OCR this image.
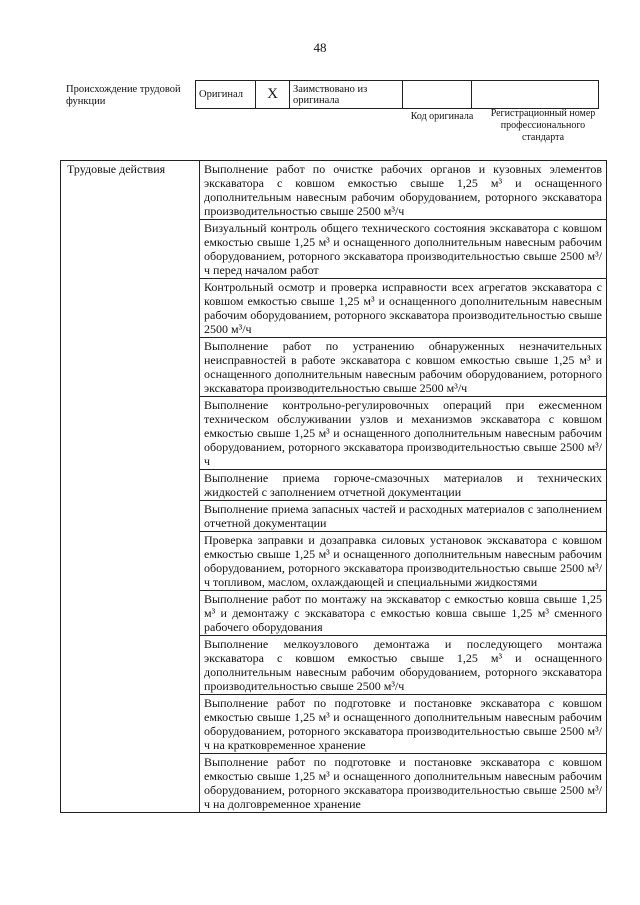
48
Происхождение трудовой функции
Оригинал	X	Заимствовано из оригинала		
Код оригинала	Регистрационный номер профессионального стандарта
Трудовые действия	Выполнение работ по очистке рабочих органов и кузовных элементов экскаватора с ковшом емкостью свыше 1,25 м³ и оснащенного дополнительным навесным рабочим оборудованием, роторного экскаватора производительностью свыше 2500 м³/ч
Визуальный контроль общего технического состояния экскаватора с ковшом емкостью свыше 1,25 м³ и оснащенного дополнительным навесным рабочим оборудованием, роторного экскаватора производительностью свыше 2500 м³/ч перед началом работ
Контрольный осмотр и проверка исправности всех агрегатов экскаватора с ковшом емкостью свыше 1,25 м³ и оснащенного дополнительным навесным рабочим оборудованием, роторного экскаватора производительностью свыше 2500 м³/ч
Выполнение работ по устранению обнаруженных незначительных неисправностей в работе экскаватора с ковшом емкостью свыше 1,25 м³ и оснащенного дополнительным навесным рабочим оборудованием, роторного экскаватора производительностью свыше 2500 м³/ч
Выполнение контрольно-регулировочных операций при ежесменном техническом обслуживании узлов и механизмов экскаватора с ковшом емкостью свыше 1,25 м³ и оснащенного дополнительным навесным рабочим оборудованием, роторного экскаватора производительностью свыше 2500 м³/ч
Выполнение приема горюче-смазочных материалов и технических жидкостей с заполнением отчетной документации
Выполнение приема запасных частей и расходных материалов с заполнением отчетной документации
Проверка заправки и дозаправка силовых установок экскаватора с ковшом емкостью свыше 1,25 м³ и оснащенного дополнительным навесным рабочим оборудованием, роторного экскаватора производительностью свыше 2500 м³/ч топливом, маслом, охлаждающей и специальными жидкостями
Выполнение работ по монтажу на экскаватор с емкостью ковша свыше 1,25 м³ и демонтажу с экскаватора с емкостью ковша свыше 1,25 м³ сменного рабочего оборудования
Выполнение мелкоузлового демонтажа и последующего монтажа экскаватора с ковшом емкостью свыше 1,25 м³ и оснащенного дополнительным навесным рабочим оборудованием, роторного экскаватора производительностью свыше 2500 м³/ч
Выполнение работ по подготовке и постановке экскаватора с ковшом емкостью свыше 1,25 м³ и оснащенного дополнительным навесным рабочим оборудованием, роторного экскаватора производительностью свыше 2500 м³/ч на кратковременное хранение
Выполнение работ по подготовке и постановке экскаватора с ковшом емкостью свыше 1,25 м³ и оснащенного дополнительным навесным рабочим оборудованием, роторного экскаватора производительностью свыше 2500 м³/ч на долговременное хранение
